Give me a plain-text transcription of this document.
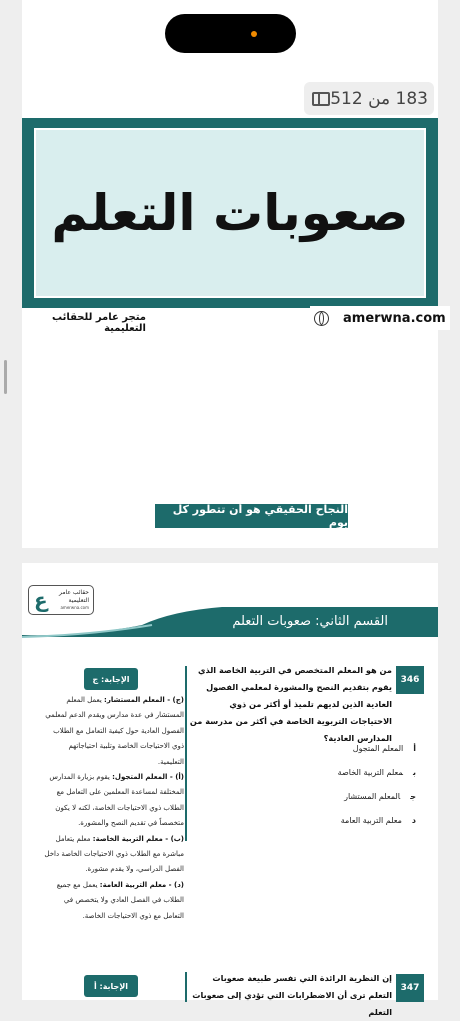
صعوبات التعلم
متجر عامر للحقائب التعليمية
amerwna.com
النجاح الحقيقي هو أن تتطور كل يوم
183 من 512
القسم الثاني: صعوبات التعلم
ع حقائب عامر
التعليمية
amerwna.com
346
من هو المعلم المتخصص في التربية الخاصة الذي يقوم بتقديم النصح والمشورة لمعلمي الفصول العادية الذين لديهم تلميذ أو أكثر من ذوي الاحتياجات التربوية الخاصة في أكثر من مدرسة من المدارس العادية؟
أالمعلم المتجول
بمعلم التربية الخاصة
جالمعلم المستشار
دمعلم التربية العامة
الإجابة: ج
(ج) - المعلم المستشار: يعمل المعلم المستشار في عدة مدارس ويقدم الدعم لمعلمي الفصول العادية حول كيفية التعامل مع الطلاب ذوي الاحتياجات الخاصة وتلبية احتياجاتهم التعليمية.
(أ) - المعلم المتجول: يقوم بزيارة المدارس المختلفة لمساعدة المعلمين على التعامل مع الطلاب ذوي الاحتياجات الخاصة، لكنه لا يكون متخصصاً في تقديم النصح والمشورة.
(ب) - معلم التربية الخاصة: معلم يتعامل مباشرة مع الطلاب ذوي الاحتياجات الخاصة داخل الفصل الدراسي، ولا يقدم مشورة.
(د) - معلم التربية العامة: يعمل مع جميع الطلاب في الفصل العادي ولا يتخصص في التعامل مع ذوي الاحتياجات الخاصة.
347
إن النظرية الرائدة التي تفسر طبيعة صعوبات التعلم ترى أن الاضطرابات التي تؤدي إلى صعوبات التعلم
الإجابة: أ
